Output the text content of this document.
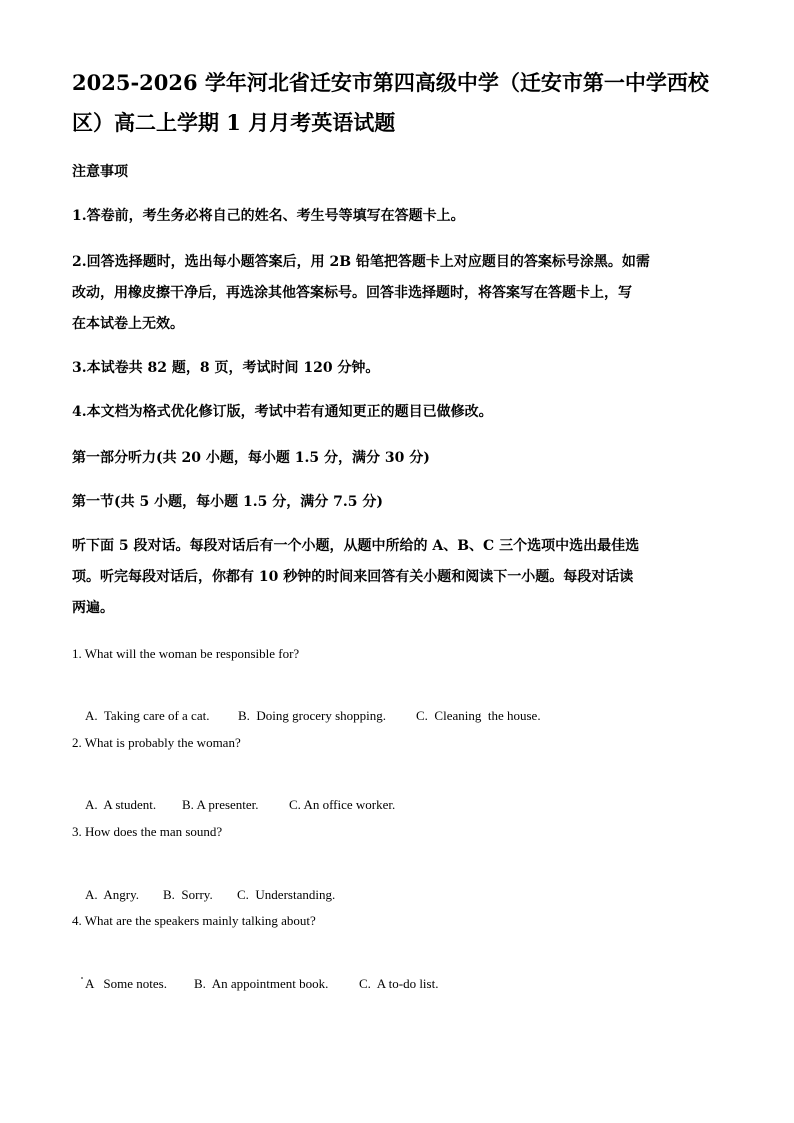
2025-2026 学年河北省迁安市第四高级中学（迁安市第一中学西校
区）高二上学期 1 月月考英语试题
注意事项
1.答卷前，考生务必将自己的姓名、考生号等填写在答题卡上。
2.回答选择题时，选出每小题答案后，用 2B 铅笔把答题卡上对应题目的答案标号涂黑。如需
改动，用橡皮擦干净后，再选涂其他答案标号。回答非选择题时，将答案写在答题卡上，写
在本试卷上无效。
3.本试卷共 82 题，8 页，考试时间 120 分钟。
4.本文档为格式优化修订版，考试中若有通知更正的题目已做修改。
第一部分听力(共 20 小题，每小题 1.5 分，满分 30 分)
第一节(共 5 小题，每小题 1.5 分，满分 7.5 分)
听下面 5 段对话。每段对话后有一个小题，从题中所给的 A、B、C 三个选项中选出最佳选
项。听完每段对话后，你都有 10 秒钟的时间来回答有关小题和阅读下一小题。每段对话读
两遍。
1. What will the woman be responsible for?

A.  Taking care of a cat. B.  Doing grocery shopping. C.  Cleaning  the house.

2. What is probably the woman?

A.  A student. B. A presenter. C. An office worker.

3. How does the man sound?

A.  Angry. B.  Sorry. C.  Understanding.

4. What are the speakers mainly talking about?

A   Some notes. B.  An appointment book. C.  A to-do list.
